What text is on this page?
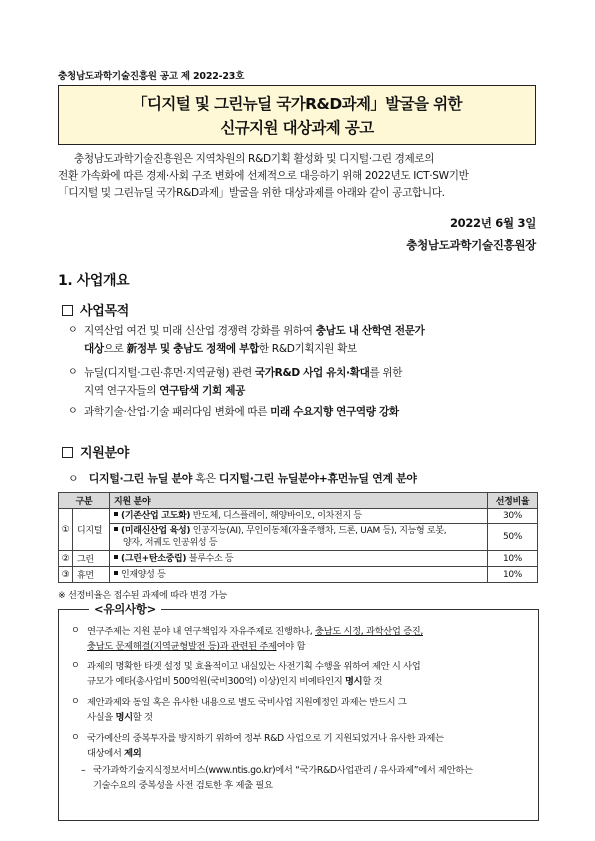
충청남도과학기술진흥원 공고 제 2022-23호
「디지털 및 그린뉴딜 국가R&D과제」발굴을 위한
신규지원 대상과제 공고

충청남도과학기술진흥원은 지역차원의 R&D기획 활성화 및 디지털·그린 경제로의

전환 가속화에 따른 경제·사회 구조 변화에 선제적으로 대응하기 위해 2022년도 ICT·SW기반

「디지털 및 그린뉴딜 국가R&D과제」발굴을 위한 대상과제를 아래와 같이 공고합니다.

2022년 6월 3일
충청남도과학기술진흥원장
1. 사업개요
사업목적
ㅇ 지역산업 여건 및 미래 신산업 경쟁력 강화를 위하여 충남도 내 산학연 전문가
대상으로 新정부 및 충남도 정책에 부합한 R&D기획지원 확보
ㅇ 뉴딜(디지털·그린·휴먼·지역균형) 관련 국가R&D 사업 유치·확대를 위한
지역 연구자들의 연구탐색 기회 제공
ㅇ 과학기술·산업·기술 패러다임 변화에 따른 미래 수요지향 연구역량 강화
지원분야
ㅇ 디지털·그린 뉴딜 분야 혹은 디지털·그린 뉴딜분야+휴먼뉴딜 연계 분야
구분		지원 분야	선정비율
①	디지털	(기존산업 고도화) 반도체, 디스플레이, 해양바이오, 이차전지 등	30%
		(미래신산업 육성) 인공지능(AI), 무인이동체(자율주행차, 드론, UAM 등), 지능형 로봇,
양자, 저궤도 인공위성 등	50%
②	그린	(그린+탄소중립) 블루수소 등	10%
③	휴먼	인재양성 등	10%
※ 선정비율은 접수된 과제에 따라 변경 가능
<유의사항>
ㅇ 연구주제는 지원 분야 내 연구책임자 자유주제로 진행하나, 충남도 시정, 과학산업 증진,
충남도 문제해결(지역균형발전 등)과 관련된 주제여야 함
ㅇ 과제의 명확한 타겟 설정 및 효율적이고 내실있는 사전기획 수행을 위하여 제안 시 사업
규모가 예타(총사업비 500억원(국비300억) 이상)인지 비예타인지 명시할 것
ㅇ 제안과제와 동일 혹은 유사한 내용으로 별도 국비사업 지원예정인 과제는 반드시 그
사실을 명시할 것
ㅇ 국가예산의 중복투자를 방지하기 위하여 정부 R&D 사업으로 기 지원되었거나 유사한 과제는
대상에서 제외
– 국가과학기술지식정보서비스(www.ntis.go.kr)에서 “국가R&D사업관리 / 유사과제”에서 제안하는
기술수요의 중복성을 사전 검토한 후 제출 필요
